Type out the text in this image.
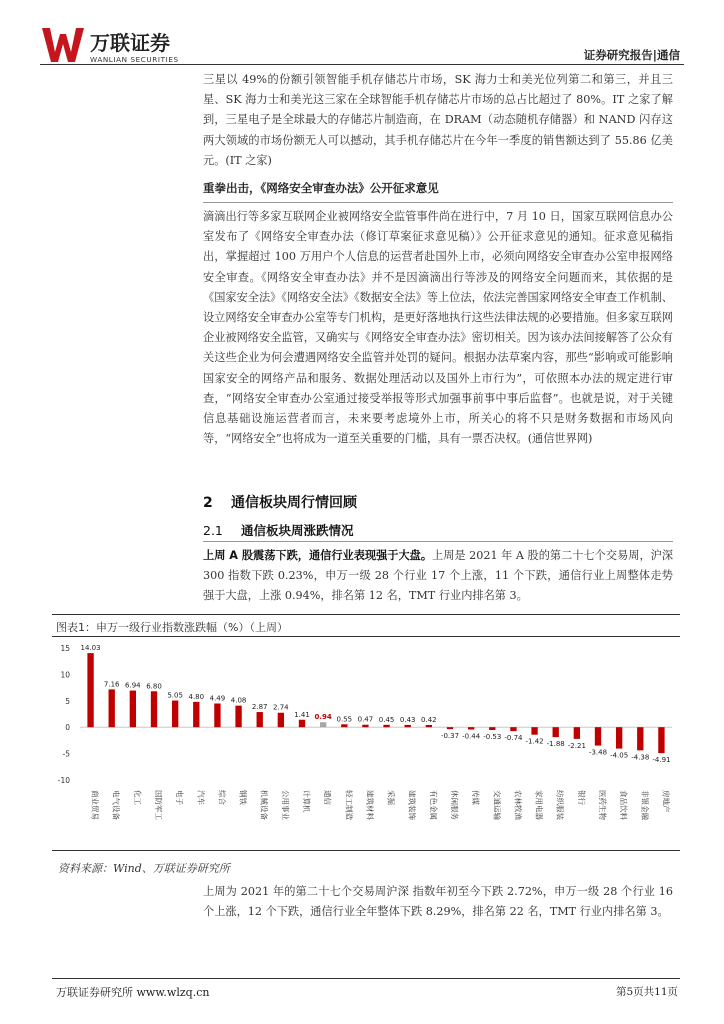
万联证券
WANLIAN SECURITIES	证券研究报告|通信

三星以 49%的份额引领智能手机存储芯片市场，SK 海力士和美光位列第二和第三，并且三星、SK 海力士和美光这三家在全球智能手机存储芯片市场的总占比超过了 80%。IT 之家了解到，三星电子是全球最大的存储芯片制造商，在 DRAM（动态随机存储器）和 NAND 闪存这两大领域的市场份额无人可以撼动，其手机存储芯片在今年一季度的销售额达到了 55.86 亿美元。(IT 之家)

重拳出击，《网络安全审查办法》公开征求意见

滴滴出行等多家互联网企业被网络安全监管事件尚在进行中，7 月 10 日，国家互联网信息办公室发布了《网络安全审查办法（修订草案征求意见稿）》公开征求意见的通知。征求意见稿指出，掌握超过 100 万用户个人信息的运营者赴国外上市，必须向网络安全审查办公室申报网络安全审查。《网络安全审查办法》并不是因滴滴出行等涉及的网络安全问题而来，其依据的是《国家安全法》《网络安全法》《数据安全法》等上位法，依法完善国家网络安全审查工作机制、设立网络安全审查办公室等专门机构，是更好落地执行这些法律法规的必要措施。但多家互联网企业被网络安全监管，又确实与《网络安全审查办法》密切相关。因为该办法间接解答了公众有关这些企业为何会遭遇网络安全监管并处罚的疑问。根据办法草案内容，那些“影响或可能影响国家安全的网络产品和服务、数据处理活动以及国外上市行为”，可依照本办法的规定进行审查，“网络安全审查办公室通过接受举报等形式加强事前事中事后监督”。也就是说，对于关键信息基础设施运营者而言，未来要考虑境外上市，所关心的将不只是财务数据和市场风向等，“网络安全”也将成为一道至关重要的门槛，具有一票否决权。(通信世界网)

2 通信板块周行情回顾
2.1 通信板块周涨跌情况

上周 A 股震荡下跌，通信行业表现强于大盘。上周是 2021 年 A 股的第二十七个交易周，沪深 300 指数下跌 0.23%，申万一级 28 个行业 17 个上涨，11 个下跌，通信行业上周整体走势强于大盘，上涨 0.94%，排名第 12 名，TMT 行业内排名第 3。

图表1：申万一级行业指数涨跌幅（%）（上周）
15
10
5
0
-5
-10
14.03
7.16 6.94 6.80
5.05 4.80 4.49 4.08
2.87 2.74
1.41 0.94 0.55 0.47 0.45 0.43 0.42
-0.37 -0.44 -0.53 -0.74 -1.42 -1.88 -2.21
-3.48 -4.05 -4.38 -4.91
商业贸易 电气设备 化工 国防军工 电子 汽车 综合 钢铁 机械设备 公用事业 计算机 通信 轻工制造 建筑材料 采掘 建筑装饰 有色金属 休闲服务 传媒 交通运输 农林牧渔 家用电器 纺织服装 银行 医药生物 食品饮料 非银金融 房地产
资料来源：Wind、万联证券研究所

上周为 2021 年的第二十七个交易周沪深 指数年初至今下跌 2.72%，申万一级 28 个行业 16 个上涨，12 个下跌，通信行业全年整体下跌 8.29%，排名第 22 名，TMT 行业内排名第 3。

万联证券研究所 www.wlzq.cn	第5页共11页
